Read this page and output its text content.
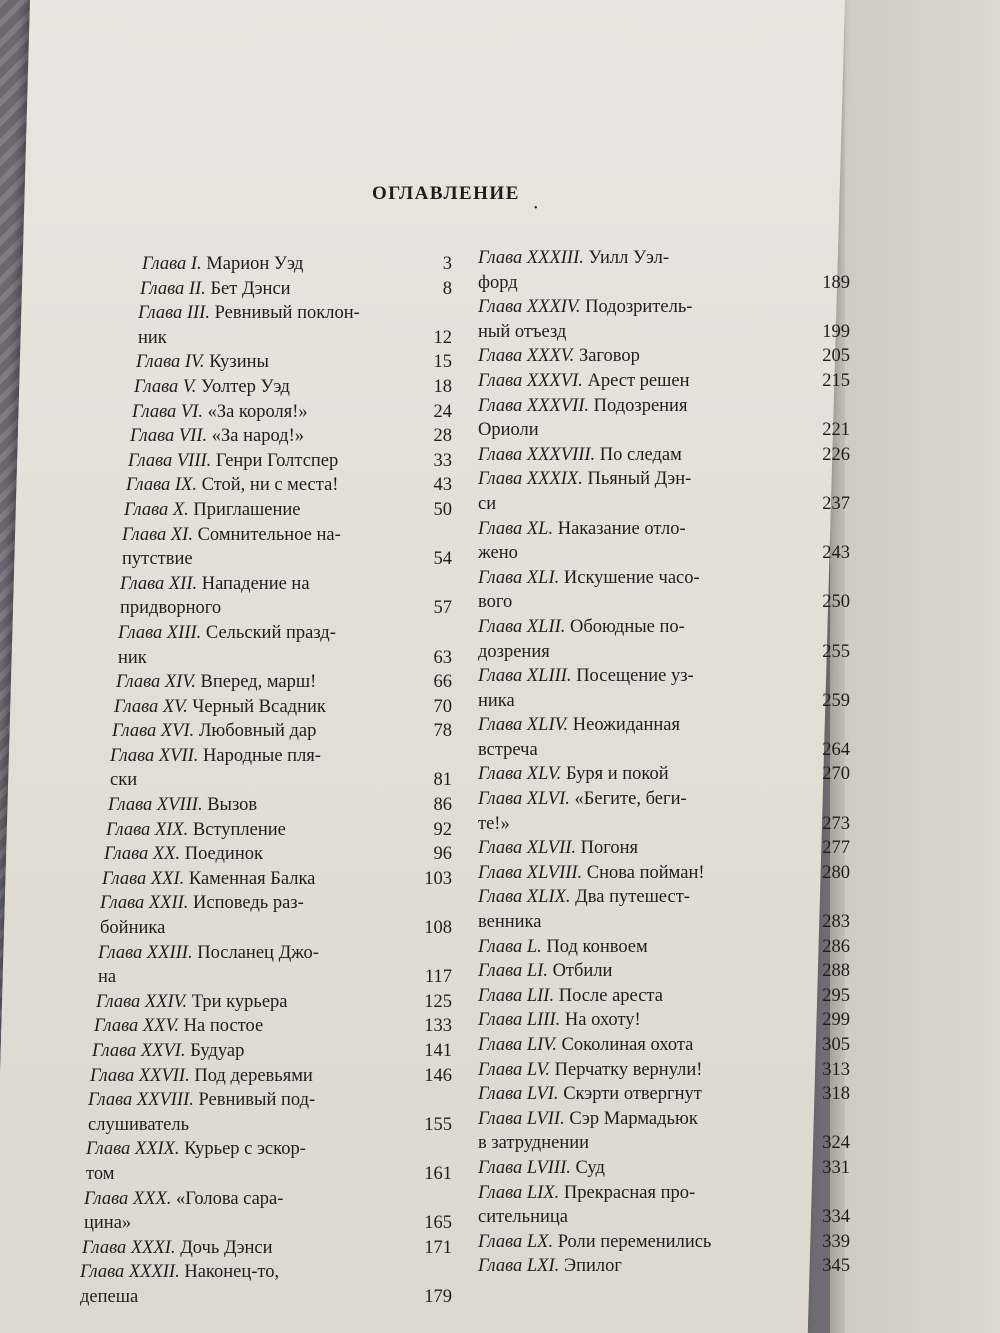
ОГЛАВЛЕНИЕ
•
Глава I. Марион Уэд	3
Глава II. Бет Дэнси	8
Глава III. Ревнивый поклон-
ник	12
Глава IV. Кузины	15
Глава V. Уолтер Уэд	18
Глава VI. «За короля!»	24
Глава VII. «За народ!»	28
Глава VIII. Генри Голтспер	33
Глава IX. Стой, ни с места!	43
Глава X. Приглашение	50
Глава XI. Сомнительное на-
путствие	54
Глава XII. Нападение на
придворного	57
Глава XIII. Сельский празд-
ник	63
Глава XIV. Вперед, марш!	66
Глава XV. Черный Всадник	70
Глава XVI. Любовный дар	78
Глава XVII. Народные пля-
ски	81
Глава XVIII. Вызов	86
Глава XIX. Вступление	92
Глава XX. Поединок	96
Глава XXI. Каменная Балка	103
Глава XXII. Исповедь раз-
бойника	108
Глава XXIII. Посланец Джо-
на	117
Глава XXIV. Три курьера	125
Глава XXV. На постое	133
Глава XXVI. Будуар	141
Глава XXVII. Под деревьями	146
Глава XXVIII. Ревнивый под-
слушиватель	155
Глава XXIX. Курьер с эскор-
том	161
Глава XXX. «Голова сара-
цина»	165
Глава XXXI. Дочь Дэнси	171
Глава XXXII. Наконец-то,
депеша	179
Глава XXXIII. Уилл Уэл-
форд	189
Глава XXXIV. Подозритель-
ный отъезд	199
Глава XXXV. Заговор	205
Глава XXXVI. Арест решен	215
Глава XXXVII. Подозрения
Ориоли	221
Глава XXXVIII. По следам	226
Глава XXXIX. Пьяный Дэн-
си	237
Глава XL. Наказание отло-
жено	243
Глава XLI. Искушение часо-
вого	250
Глава XLII. Обоюдные по-
дозрения	255
Глава XLIII. Посещение уз-
ника	259
Глава XLIV. Неожиданная
встреча	264
Глава XLV. Буря и покой	270
Глава XLVI. «Бегите, беги-
те!»	273
Глава XLVII. Погоня	277
Глава XLVIII. Снова пойман!	280
Глава XLIX. Два путешест-
венника	283
Глава L. Под конвоем	286
Глава LI. Отбили	288
Глава LII. После ареста	295
Глава LIII. На охоту!	299
Глава LIV. Соколиная охота	305
Глава LV. Перчатку вернули!	313
Глава LVI. Скэрти отвергнут	318
Глава LVII. Сэр Мармадьюк
в затруднении	324
Глава LVIII. Суд	331
Глава LIX. Прекрасная про-
сительница	334
Глава LX. Роли переменились	339
Глава LXI. Эпилог	345
